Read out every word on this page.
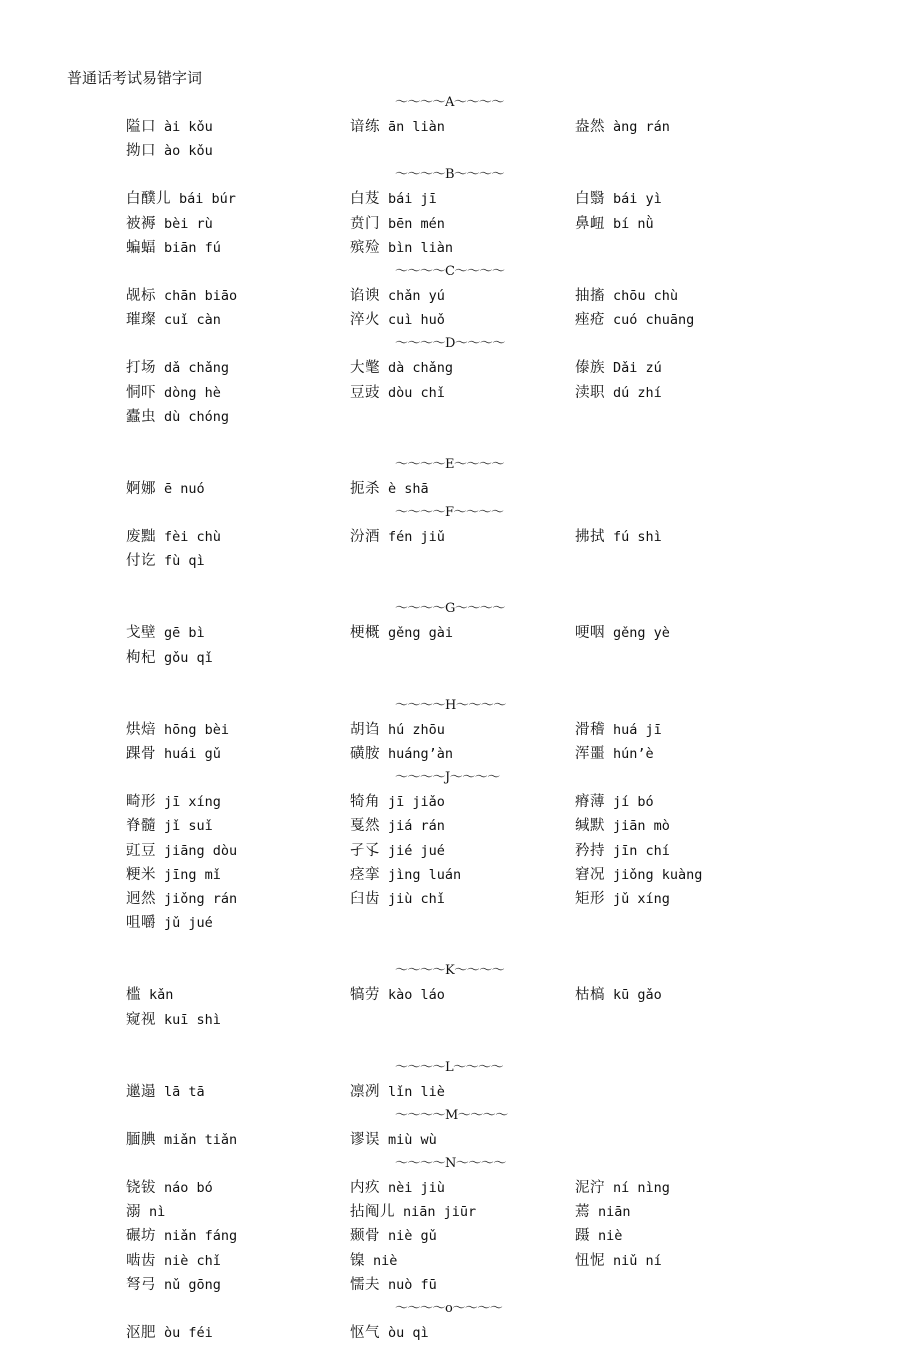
普通话考试易错字词
～～～～A～～～～
隘口 ài kǒu	谙练 ān liàn	盎然 àng rán
拗口 ào kǒu
～～～～B～～～～
白醭儿 bái búr	白芨 bái jī	白翳 bái yì
被褥 bèi rù	贲门 bēn mén	鼻衄 bí nǜ
蝙蝠 biān fú	殡殓 bìn liàn
～～～～C～～～～
觇标 chān biāo	谄谀 chǎn yú	抽搐 chōu chù
璀璨 cuǐ càn	淬火 cuì huǒ	痤疮 cuó chuāng
～～～～D～～～～
打场 dǎ chǎng	大氅 dà chǎng	傣族 Dǎi zú
恫吓 dòng hè	豆豉 dòu chǐ	渎职 dú zhí
蠹虫 dù chóng
～～～～E～～～～
婀娜 ē nuó	扼杀 è shā
～～～～F～～～～
废黜 fèi chù	汾酒 fén jiǔ	拂拭 fú shì
付讫 fù qì
～～～～G～～～～
戈壁 gē bì	梗概 gěng gài	哽咽 gěng yè
枸杞 gǒu qǐ
～～～～H～～～～
烘焙 hōng bèi	胡诌 hú zhōu	滑稽 huá jī
踝骨 huái gǔ	磺胺 huáng’àn	浑噩 hún’è
～～～～J～～～～
畸形 jī xíng	犄角 jī jiǎo	瘠薄 jí bó
脊髓 jǐ suǐ	戛然 jiá rán	缄默 jiān mò
豇豆 jiāng dòu	孑孓 jié jué	矜持 jīn chí
粳米 jīng mǐ	痉挛 jìng luán	窘况 jiǒng kuàng
迥然 jiǒng rán	臼齿 jiù chǐ	矩形 jǔ xíng
咀嚼 jǔ jué
～～～～K～～～～
槛 kǎn	犒劳 kào láo	枯槁 kū gǎo
窥视 kuī shì
～～～～L～～～～
邋遢 lā tā	凛冽 lǐn liè
～～～～M～～～～
腼腆 miǎn tiǎn	谬误 miù wù
～～～～N～～～～
铙钹 náo bó	内疚 nèi jiù	泥泞 ní nìng
溺 nì	拈阄儿 niān jiūr	蔫 niān
碾坊 niǎn fáng	颞骨 niè gǔ	蹑 niè
啮齿 niè chǐ	镍 niè	忸怩 niǔ ní
弩弓 nǔ gōng	懦夫 nuò fū
～～～～o～～～～
沤肥 òu féi	怄气 òu qì
